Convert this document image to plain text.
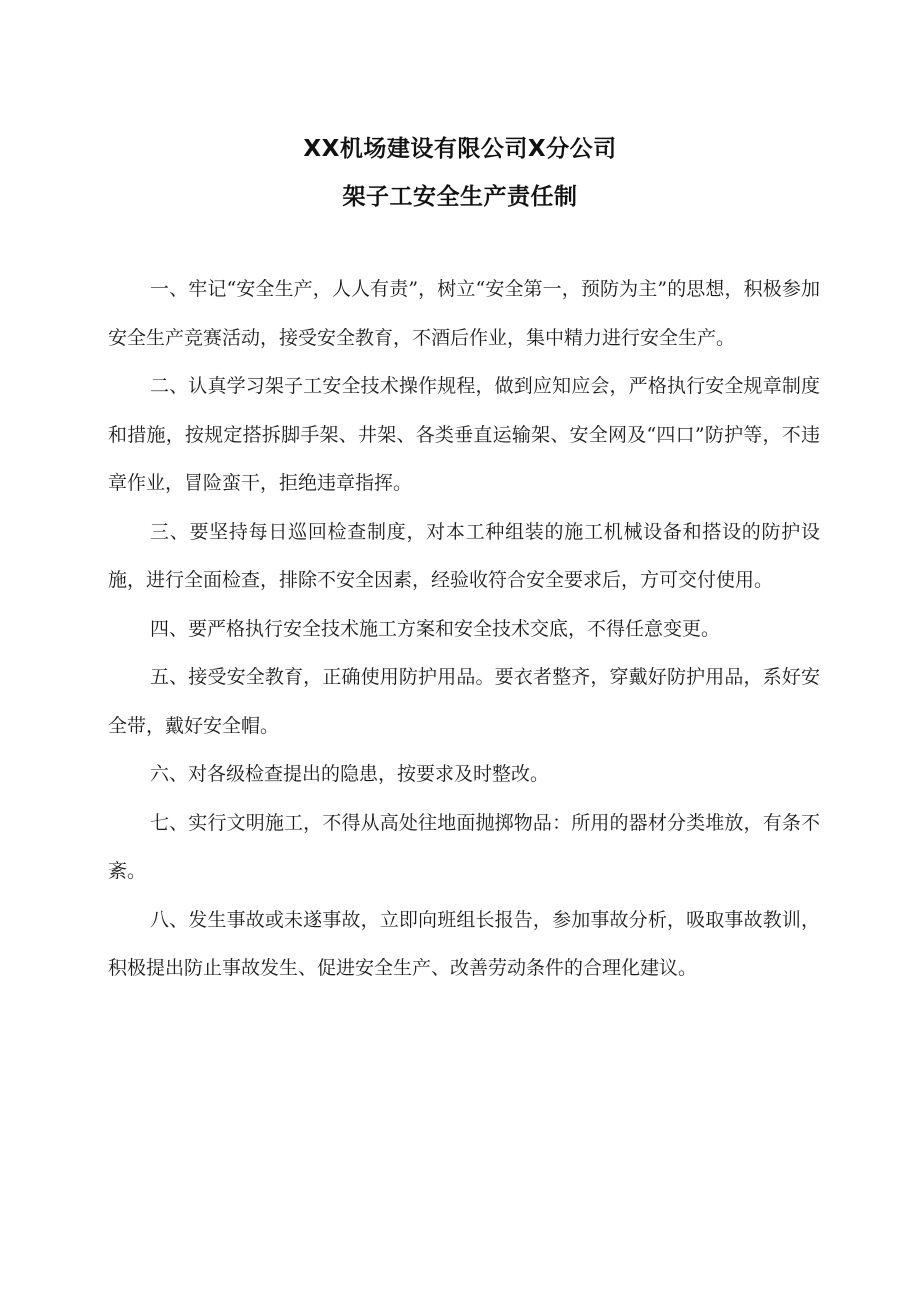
XX机场建设有限公司X分公司
架子工安全生产责任制

一、牢记“安全生产，人人有责”，树立“安全第一，预防为主”的思想，积极参加安全生产竞赛活动，接受安全教育，不酒后作业，集中精力进行安全生产。

二、认真学习架子工安全技术操作规程，做到应知应会，严格执行安全规章制度和措施，按规定搭拆脚手架、井架、各类垂直运输架、安全网及“四口”防护等，不违章作业，冒险蛮干，拒绝违章指挥。

三、要坚持每日巡回检查制度，对本工种组装的施工机械设备和搭设的防护设施，进行全面检查，排除不安全因素，经验收符合安全要求后，方可交付使用。

四、要严格执行安全技术施工方案和安全技术交底，不得任意变更。

五、接受安全教育，正确使用防护用品。要衣者整齐，穿戴好防护用品，系好安全带，戴好安全帽。

六、对各级检查提出的隐患，按要求及时整改。

七、实行文明施工，不得从高处往地面抛掷物品：所用的器材分类堆放，有条不紊。

八、发生事故或未遂事故，立即向班组长报告，参加事故分析，吸取事故教训，积极提出防止事故发生、促进安全生产、改善劳动条件的合理化建议。
